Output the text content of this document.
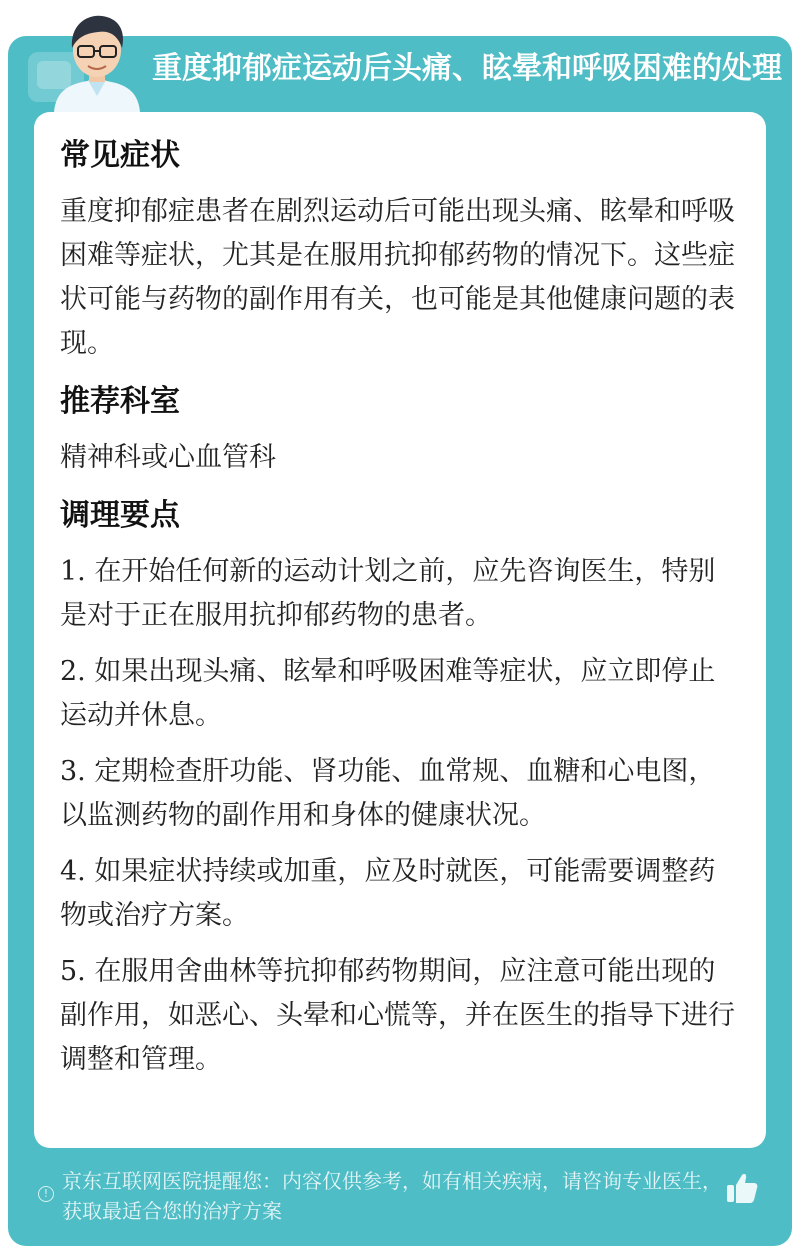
重度抑郁症运动后头痛、眩晕和呼吸困难的处理
常见症状
重度抑郁症患者在剧烈运动后可能出现头痛、眩晕和呼吸困难等症状，尤其是在服用抗抑郁药物的情况下。这些症状可能与药物的副作用有关，也可能是其他健康问题的表现。
推荐科室
精神科或心血管科
调理要点
1. 在开始任何新的运动计划之前，应先咨询医生，特别是对于正在服用抗抑郁药物的患者。
2. 如果出现头痛、眩晕和呼吸困难等症状，应立即停止运动并休息。
3. 定期检查肝功能、肾功能、血常规、血糖和心电图，以监测药物的副作用和身体的健康状况。
4. 如果症状持续或加重，应及时就医，可能需要调整药物或治疗方案。
5. 在服用舍曲林等抗抑郁药物期间，应注意可能出现的副作用，如恶心、头晕和心慌等，并在医生的指导下进行调整和管理。
!
京东互联网医院提醒您：内容仅供参考，如有相关疾病，请咨询专业医生，获取最适合您的治疗方案
